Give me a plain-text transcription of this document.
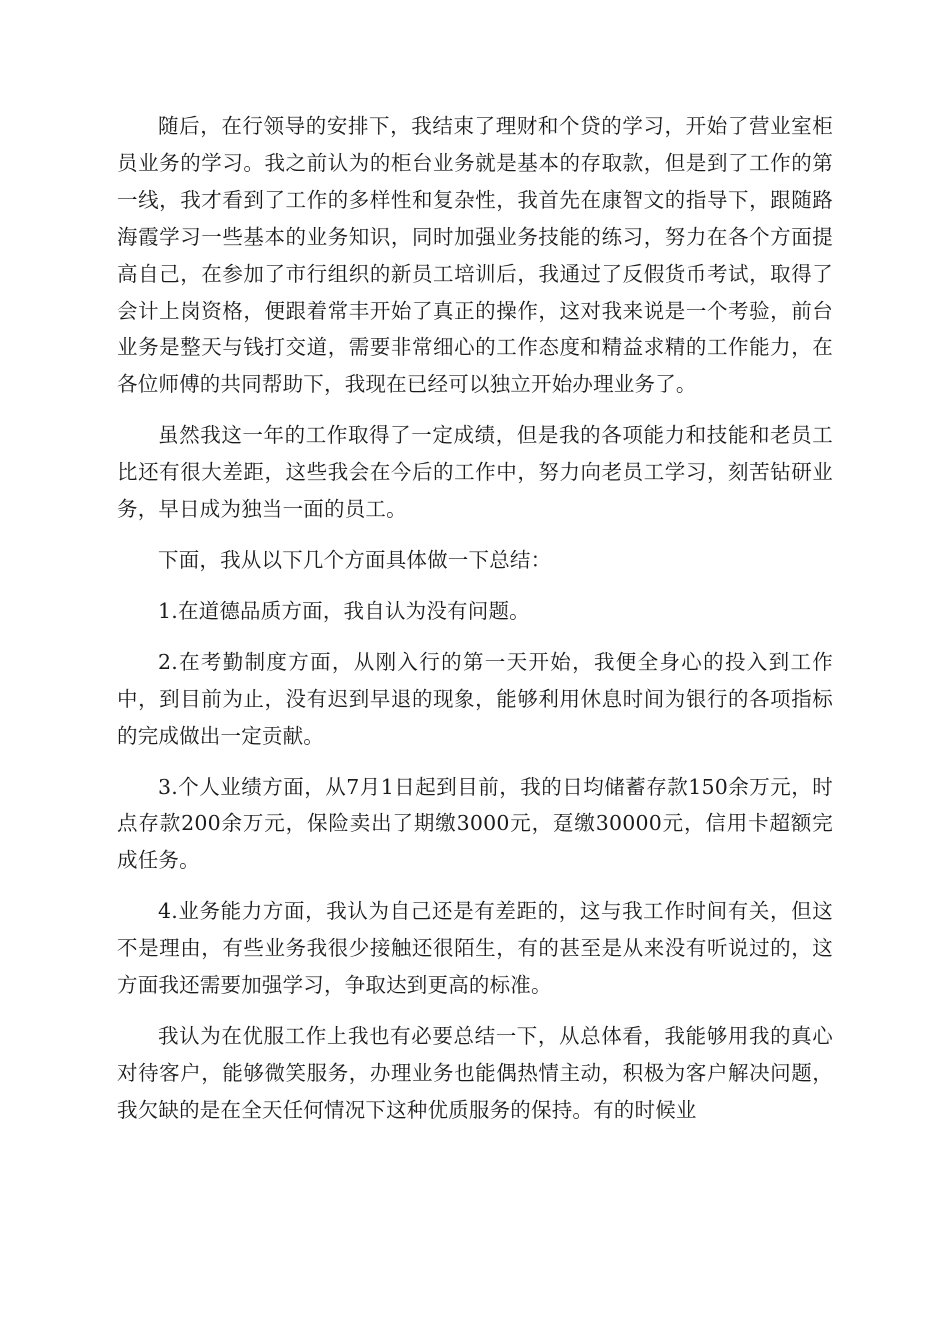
随后，在行领导的安排下，我结束了理财和个贷的学习，开始了营业室柜员业务的学习。我之前认为的柜台业务就是基本的存取款，但是到了工作的第一线，我才看到了工作的多样性和复杂性，我首先在康智文的指导下，跟随路海霞学习一些基本的业务知识，同时加强业务技能的练习，努力在各个方面提高自己，在参加了市行组织的新员工培训后，我通过了反假货币考试，取得了会计上岗资格，便跟着常丰开始了真正的操作，这对我来说是一个考验，前台业务是整天与钱打交道，需要非常细心的工作态度和精益求精的工作能力，在各位师傅的共同帮助下，我现在已经可以独立开始办理业务了。

虽然我这一年的工作取得了一定成绩，但是我的各项能力和技能和老员工比还有很大差距，这些我会在今后的工作中，努力向老员工学习，刻苦钻研业务，早日成为独当一面的员工。

下面，我从以下几个方面具体做一下总结：

1.在道德品质方面，我自认为没有问题。

2.在考勤制度方面，从刚入行的第一天开始，我便全身心的投入到工作中，到目前为止，没有迟到早退的现象，能够利用休息时间为银行的各项指标的完成做出一定贡献。

3.个人业绩方面，从7月1日起到目前，我的日均储蓄存款150余万元，时点存款200余万元，保险卖出了期缴3000元，趸缴30000元，信用卡超额完成任务。

4.业务能力方面，我认为自己还是有差距的，这与我工作时间有关，但这不是理由，有些业务我很少接触还很陌生，有的甚至是从来没有听说过的，这方面我还需要加强学习，争取达到更高的标准。

我认为在优服工作上我也有必要总结一下，从总体看，我能够用我的真心对待客户，能够微笑服务，办理业务也能偶热情主动，积极为客户解决问题，我欠缺的是在全天任何情况下这种优质服务的保持。有的时候业
